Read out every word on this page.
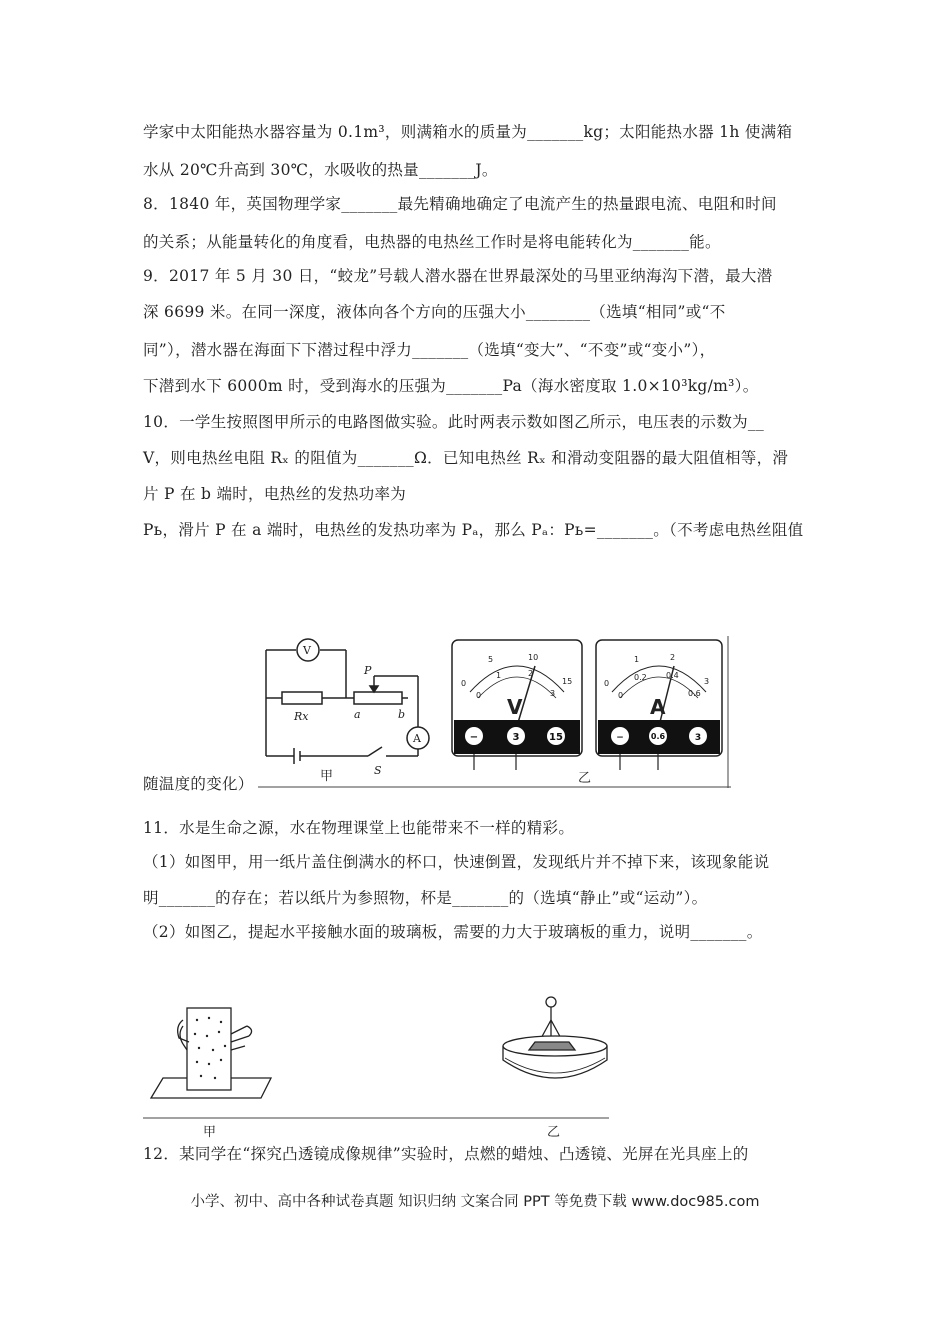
学家中太阳能热水器容量为 0.1m³，则满箱水的质量为_______kg；太阳能热水器 1h 使满箱
水从 20℃升高到 30℃，水吸收的热量_______J。
8．1840 年，英国物理学家_______最先精确地确定了电流产生的热量跟电流、电阻和时间
的关系；从能量转化的角度看，电热器的电热丝工作时是将电能转化为_______能。
9．2017 年 5 月 30 日，“蛟龙”号载人潜水器在世界最深处的马里亚纳海沟下潜，最大潜
深 6699 米。在同一深度，液体向各个方向的压强大小________（选填“相同”或“不
同”），潜水器在海面下下潜过程中浮力_______（选填“变大”、“不变”或“变小”），
下潜到水下 6000m 时，受到海水的压强为_______Pa（海水密度取 1.0×10³kg/m³）。
10．一学生按照图甲所示的电路图做实验。此时两表示数如图乙所示，电压表的示数为__
V，则电热丝电阻 Rₓ 的阻值为_______Ω．已知电热丝 Rₓ 和滑动变阻器的最大阻值相等，滑
片 P 在 b 端时，电热丝的发热功率为
Pь，滑片 P 在 a 端时，电热丝的发热功率为 Pₐ，那么 Pₐ：Pь=_______。（不考虑电热丝阻值
随温度的变化）
11．水是生命之源，水在物理课堂上也能带来不一样的精彩。
（1）如图甲，用一纸片盖住倒满水的杯口，快速倒置，发现纸片并不掉下来，该现象能说
明_______的存在；若以纸片为参照物，杯是_______的（选填“静止”或“运动”）。
（2）如图乙，提起水平接触水面的玻璃板，需要的力大于玻璃板的重力，说明_______。
12．某同学在“探究凸透镜成像规律”实验时，点燃的蜡烛、凸透镜、光屏在光具座上的
V
A
Rx	a	b
P
S
甲	乙
0
5	10
15
0
1	2
3
V
−	3	15
0
1	2
3
0
0.2 0.4
0.6
A
−	0.6	3
甲	乙
小学、初中、高中各种试卷真题 知识归纳 文案合同 PPT 等免费下载 www.doc985.com
